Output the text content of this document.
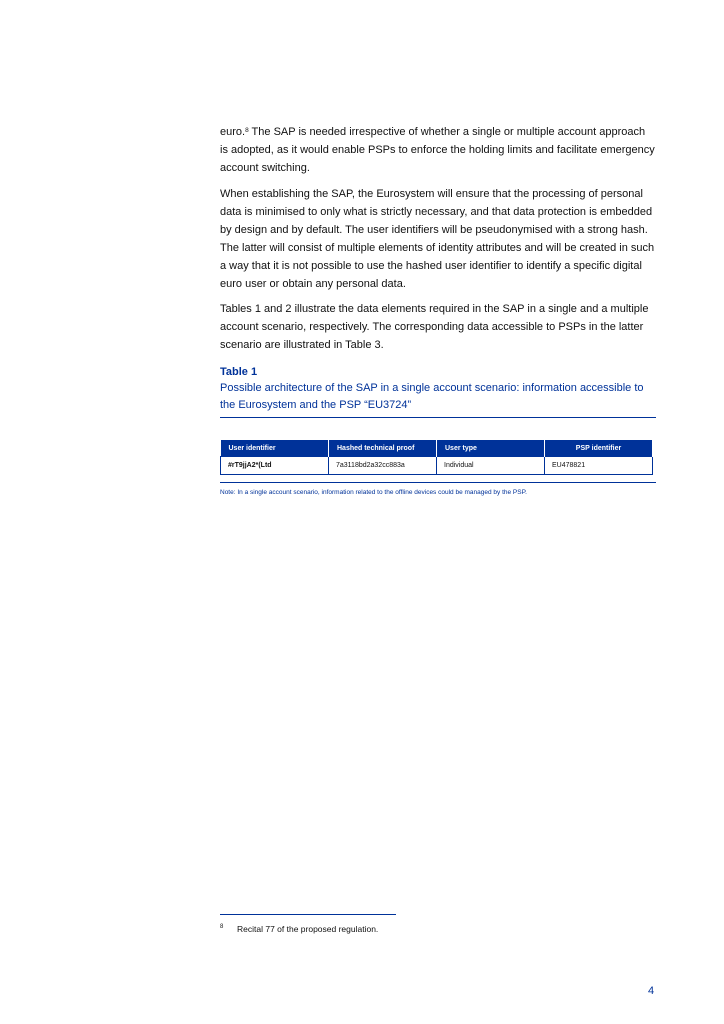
euro.$^8$ The SAP is needed irrespective of whether a single or multiple account approach is adopted, as it would enable PSPs to enforce the holding limits and facilitate emergency account switching.

When establishing the SAP, the Eurosystem will ensure that the processing of personal data is minimised to only what is strictly necessary, and that data protection is embedded by design and by default. The user identifiers will be pseudonymised with a strong hash. The latter will consist of multiple elements of identity attributes and will be created in such a way that it is not possible to use the hashed user identifier to identify a specific digital euro user or obtain any personal data.

Tables 1 and 2 illustrate the data elements required in the SAP in a single and a multiple account scenario, respectively. The corresponding data accessible to PSPs in the latter scenario are illustrated in Table 3.

Table 1
Possible architecture of the SAP in a single account scenario: information accessible to the Eurosystem and the PSP “EU3724”
User identifier	Hashed technical proof	User type	PSP identifier
#rT9jjA2*(Ltd	7a3118bd2a32cc883a	Individual	EU478821
Note: In a single account scenario, information related to the offline devices could be managed by the PSP.
8 Recital 77 of the proposed regulation.
4
